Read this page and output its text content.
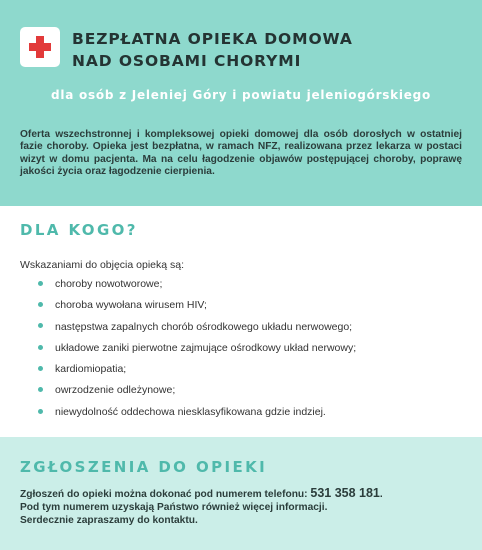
BEZPŁATNA OPIEKA DOMOWA
NAD OSOBAMI CHORYMI
dla osób z Jeleniej Góry i powiatu jeleniogórskiego
Oferta wszechstronnej i kompleksowej opieki domowej dla osób dorosłych w ostatniej fazie choroby. Opieka jest bezpłatna, w ramach NFZ, realizowana przez lekarza w postaci wizyt w domu pacjenta. Ma na celu łagodzenie objawów postępującej choroby, poprawę jakości życia oraz łagodzenie cierpienia.
DLA KOGO?
Wskazaniami do objęcia opieką są:
choroby nowotworowe;
choroba wywołana wirusem HIV;
następstwa zapalnych chorób ośrodkowego układu nerwowego;
układowe zaniki pierwotne zajmujące ośrodkowy układ nerwowy;
kardiomiopatia;
owrzodzenie odleżynowe;
niewydolność oddechowa niesklasyfikowana gdzie indziej.
ZGŁOSZENIA DO OPIEKI
Zgłoszeń do opieki można dokonać pod numerem telefonu: 531 358 181.
Pod tym numerem uzyskają Państwo również więcej informacji.
Serdecznie zapraszamy do kontaktu.
